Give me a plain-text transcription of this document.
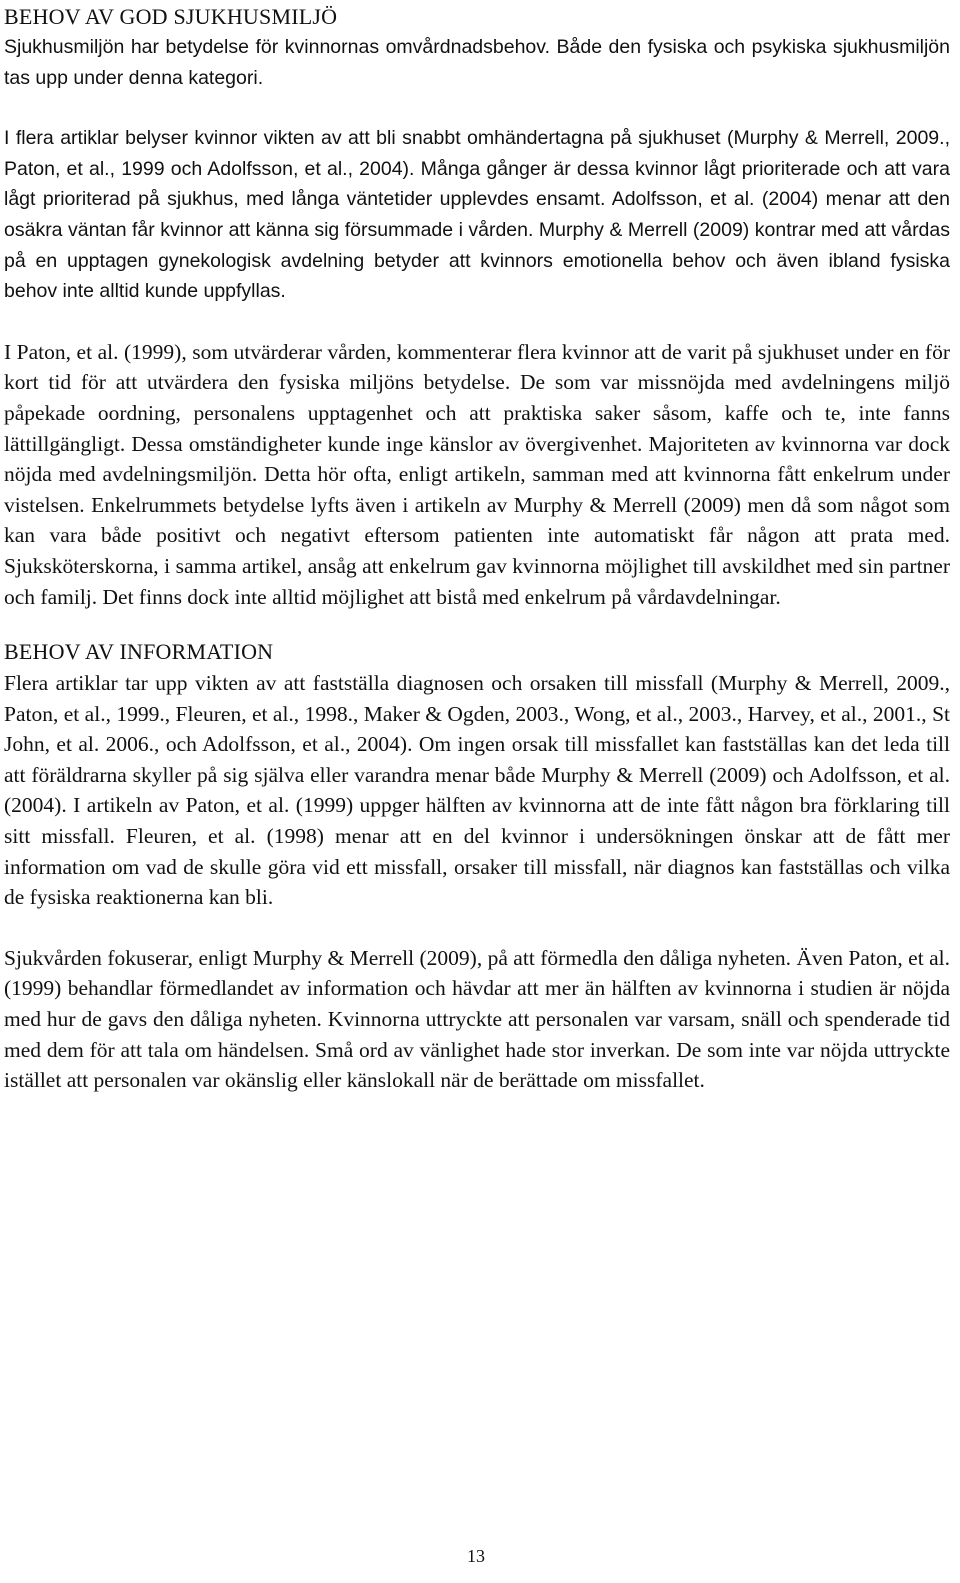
BEHOV AV GOD SJUKHUSMILJÖ

Sjukhusmiljön har betydelse för kvinnornas omvårdnadsbehov. Både den fysiska och psykiska sjukhusmiljön tas upp under denna kategori.

I flera artiklar belyser kvinnor vikten av att bli snabbt omhändertagna på sjukhuset (Murphy & Merrell, 2009., Paton, et al., 1999 och Adolfsson, et al., 2004). Många gånger är dessa kvinnor lågt prioriterade och att vara lågt prioriterad på sjukhus, med långa väntetider upplevdes ensamt. Adolfsson, et al. (2004) menar att den osäkra väntan får kvinnor att känna sig försummade i vården. Murphy & Merrell (2009) kontrar med att vårdas på en upptagen gynekologisk avdelning betyder att kvinnors emotionella behov och även ibland fysiska behov inte alltid kunde uppfyllas.

I Paton, et al. (1999), som utvärderar vården, kommenterar flera kvinnor att de varit på sjukhuset under en för kort tid för att utvärdera den fysiska miljöns betydelse. De som var missnöjda med avdelningens miljö påpekade oordning, personalens upptagenhet och att praktiska saker såsom, kaffe och te, inte fanns lättillgängligt. Dessa omständigheter kunde inge känslor av övergivenhet. Majoriteten av kvinnorna var dock nöjda med avdelningsmiljön. Detta hör ofta, enligt artikeln, samman med att kvinnorna fått enkelrum under vistelsen. Enkelrummets betydelse lyfts även i artikeln av Murphy & Merrell (2009) men då som något som kan vara både positivt och negativt eftersom patienten inte automatiskt får någon att prata med. Sjuksköterskorna, i samma artikel, ansåg att enkelrum gav kvinnorna möjlighet till avskildhet med sin partner och familj. Det finns dock inte alltid möjlighet att bistå med enkelrum på vårdavdelningar.

BEHOV AV INFORMATION

Flera artiklar tar upp vikten av att fastställa diagnosen och orsaken till missfall (Murphy & Merrell, 2009., Paton, et al., 1999., Fleuren, et al., 1998., Maker & Ogden, 2003., Wong, et al., 2003., Harvey, et al., 2001., St John, et al. 2006., och Adolfsson, et al., 2004). Om ingen orsak till missfallet kan fastställas kan det leda till att föräldrarna skyller på sig själva eller varandra menar både Murphy & Merrell (2009) och Adolfsson, et al. (2004). I artikeln av Paton, et al. (1999) uppger hälften av kvinnorna att de inte fått någon bra förklaring till sitt missfall. Fleuren, et al. (1998) menar att en del kvinnor i undersökningen önskar att de fått mer information om vad de skulle göra vid ett missfall, orsaker till missfall, när diagnos kan fastställas och vilka de fysiska reaktionerna kan bli.

Sjukvården fokuserar, enligt Murphy & Merrell (2009), på att förmedla den dåliga nyheten. Även Paton, et al. (1999) behandlar förmedlandet av information och hävdar att mer än hälften av kvinnorna i studien är nöjda med hur de gavs den dåliga nyheten. Kvinnorna uttryckte att personalen var varsam, snäll och spenderade tid med dem för att tala om händelsen. Små ord av vänlighet hade stor inverkan. De som inte var nöjda uttryckte istället att personalen var okänslig eller känslokall när de berättade om missfallet.

13
